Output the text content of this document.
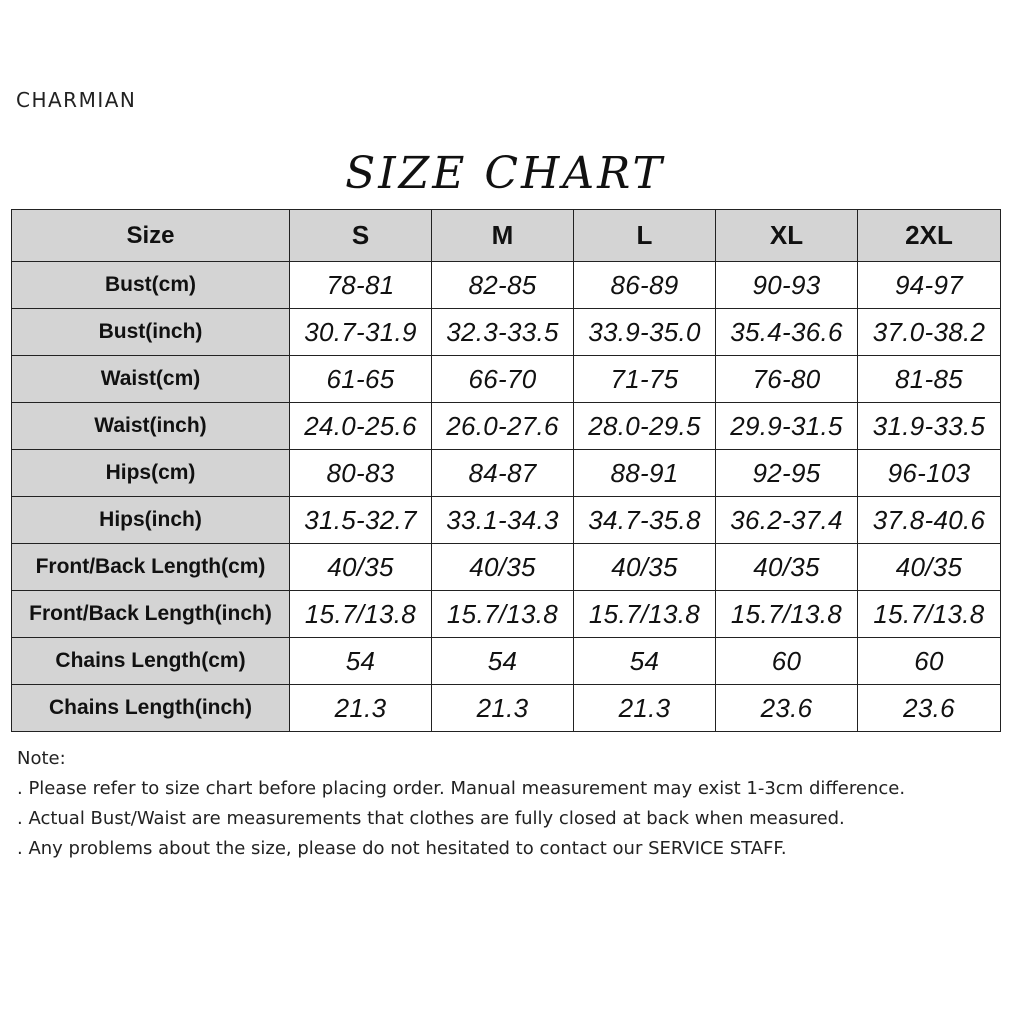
CHARMIAN
SIZE CHART
Size	S	M	L	XL	2XL
Bust(cm)	78-81	82-85	86-89	90-93	94-97
Bust(inch)	30.7-31.9	32.3-33.5	33.9-35.0	35.4-36.6	37.0-38.2
Waist(cm)	61-65	66-70	71-75	76-80	81-85
Waist(inch)	24.0-25.6	26.0-27.6	28.0-29.5	29.9-31.5	31.9-33.5
Hips(cm)	80-83	84-87	88-91	92-95	96-103
Hips(inch)	31.5-32.7	33.1-34.3	34.7-35.8	36.2-37.4	37.8-40.6
Front/Back Length(cm)	40/35	40/35	40/35	40/35	40/35
Front/Back Length(inch)	15.7/13.8	15.7/13.8	15.7/13.8	15.7/13.8	15.7/13.8
Chains Length(cm)	54	54	54	60	60
Chains Length(inch)	21.3	21.3	21.3	23.6	23.6
Note:
. Please refer to size chart before placing order. Manual measurement may exist 1-3cm difference.
. Actual Bust/Waist are measurements that clothes are fully closed at back when measured.
. Any problems about the size, please do not hesitated to contact our SERVICE STAFF.
